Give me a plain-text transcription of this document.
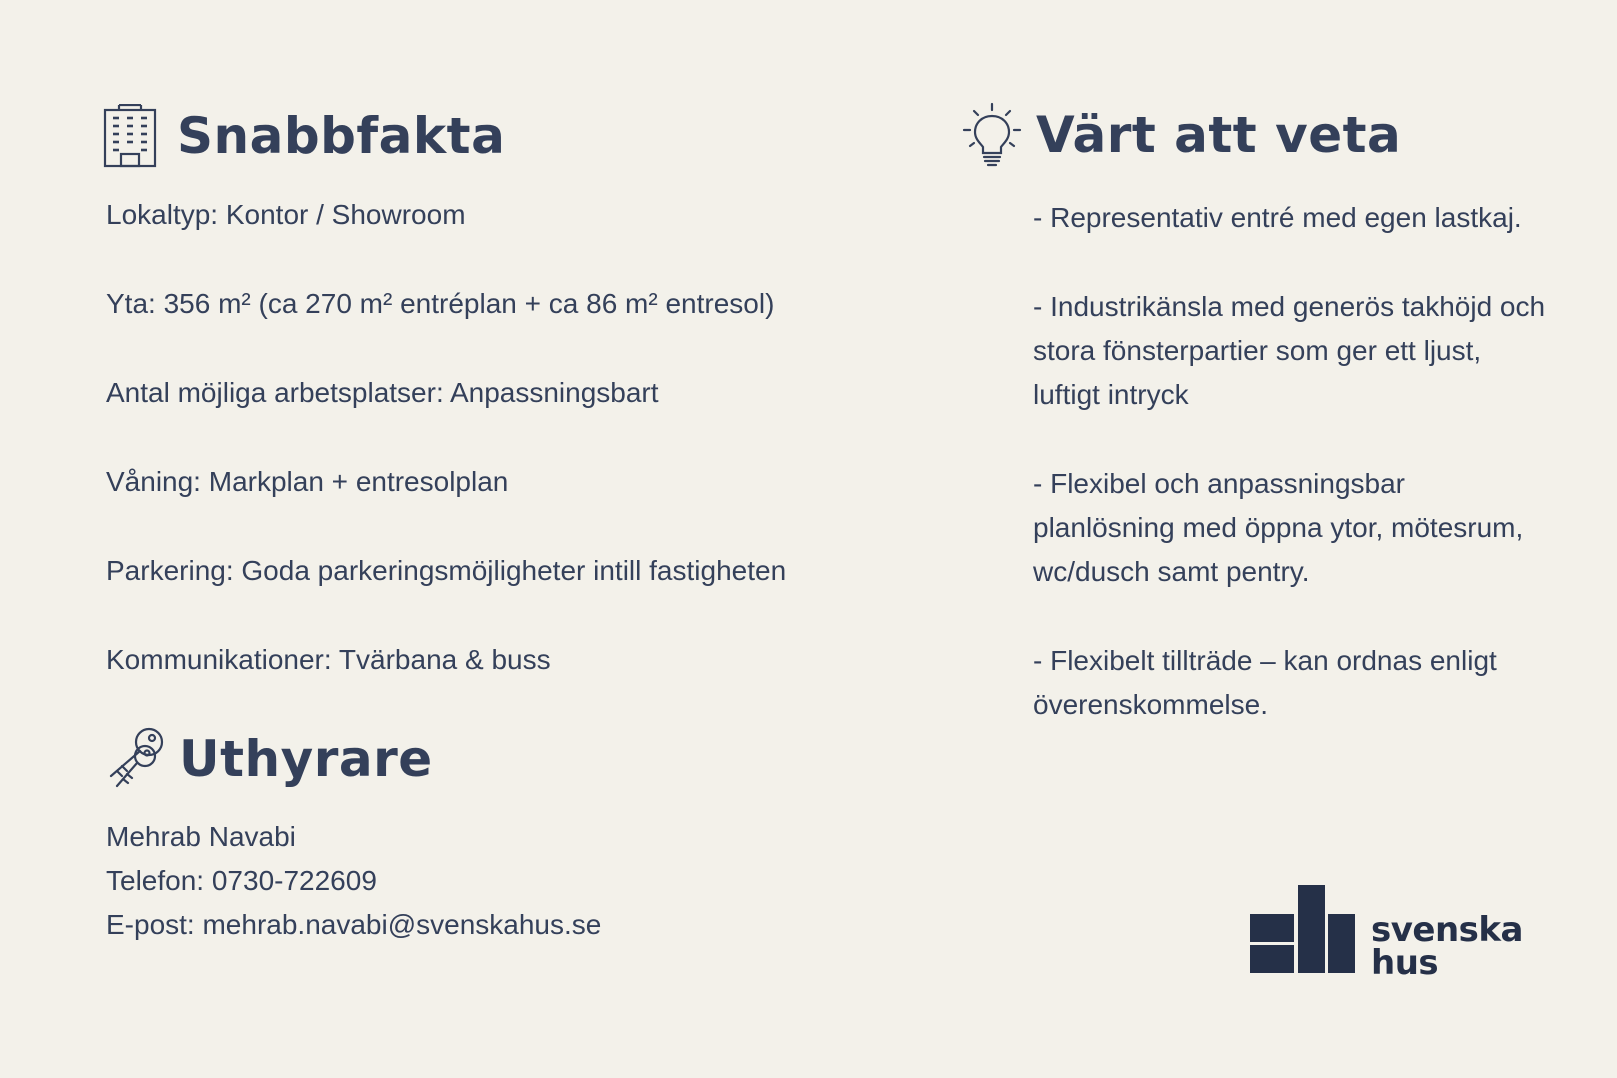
Snabbfakta
Lokaltyp: Kontor / Showroom
Yta: 356 m² (ca 270 m² entréplan + ca 86 m² entresol)
Antal möjliga arbetsplatser: Anpassningsbart
Våning: Markplan + entresolplan
Parkering: Goda parkeringsmöjligheter intill fastigheten
Kommunikationer: Tvärbana & buss
Uthyrare
Mehrab Navabi
Telefon: 0730-722609
E-post: mehrab.navabi@svenskahus.se
Värt att veta
- Representativ entré med egen lastkaj.
- Industrikänsla med generös takhöjd och stora fönsterpartier som ger ett ljust, luftigt intryck
- Flexibel och anpassningsbar planlösning med öppna ytor, mötesrum, wc/dusch samt pentry.
- Flexibelt tillträde – kan ordnas enligt överenskommelse.
svenska
hus
